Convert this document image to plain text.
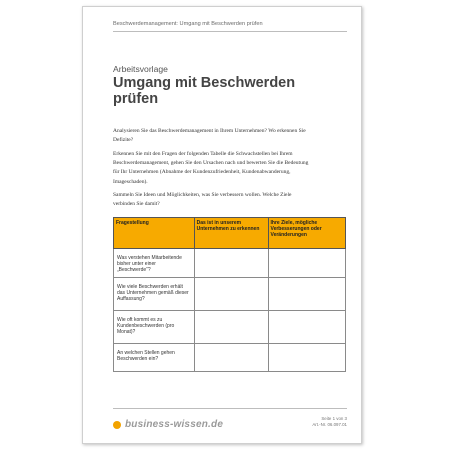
Beschwerdemanagement: Umgang mit Beschwerden prüfen
Arbeitsvorlage
Umgang mit Beschwerden prüfen
Analysieren Sie das Beschwerdemanagement in Ihrem Unternehmen? Wo erkennen Sie Defizite?
Erkennen Sie mit den Fragen der folgenden Tabelle die Schwachstellen bei Ihrem Beschwerdemanagement, gehen Sie den Ursachen nach und bewerten Sie die Bedeutung für Ihr Unternehmen (Abnahme der Kundenzufriedenheit, Kundenabwanderung, Imageschaden).
Sammeln Sie Ideen und Möglichkeiten, was Sie verbessern wollen. Welche Ziele verbinden Sie damit?
Fragestellung	Das ist in unserem Unternehmen zu erkennen	Ihre Ziele, mögliche Verbesserungen oder Veränderungen
Was verstehen Mitarbeitende bisher unter einer „Beschwerde“?		
Wie viele Beschwerden erhält das Unternehmen gemäß dieser Auffassung?		
Wie oft kommt es zu Kundenbeschwerden (pro Monat)?		
An welchen Stellen gehen Beschwerden ein?		
business-wissen.de
Seite 1 von 3
Art.-Nr. 06.097.01
